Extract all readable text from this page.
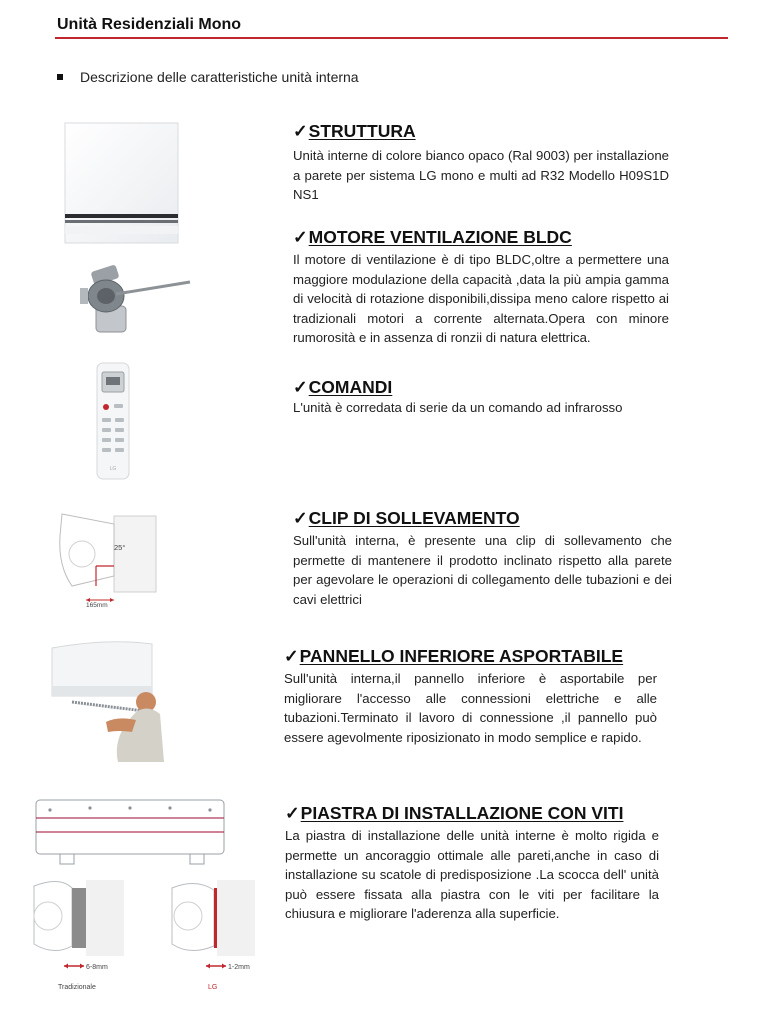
Unità Residenziali Mono
Descrizione delle caratteristiche unità interna
LG
25°
165mm
6-8mm
Tradizionale
1-2mm
LG
✓STRUTTURA
Unità interne di colore bianco opaco (Ral 9003) per installazione a parete per sistema LG mono e multi ad R32 Modello H09S1D NS1
✓MOTORE VENTILAZIONE BLDC
Il motore di ventilazione è di tipo BLDC,oltre a permettere una maggiore modulazione della capacità ,data la più ampia gamma di velocità di rotazione disponibili,dissipa meno calore rispetto ai tradizionali motori a corrente alternata.Opera con minore rumorosità e in assenza di ronzii di natura elettrica.
✓COMANDI
L'unità è corredata di serie da un comando ad infrarosso
✓CLIP DI SOLLEVAMENTO
Sull'unità interna, è presente una clip di sollevamento che permette di mantenere il prodotto inclinato rispetto alla parete per agevolare le operazioni di collegamento delle tubazioni e dei cavi elettrici
✓PANNELLO INFERIORE ASPORTABILE
Sull'unità interna,il pannello inferiore è asportabile per migliorare l'accesso alle connessioni elettriche e alle tubazioni.Terminato il lavoro di connessione ,il pannello può essere agevolmente riposizionato in modo semplice e rapido.
✓PIASTRA DI INSTALLAZIONE CON VITI
La piastra di installazione delle unità interne è molto rigida e permette un ancoraggio ottimale alle pareti,anche in caso di installazione su scatole di predisposizione .La scocca dell' unità può essere fissata alla piastra con le viti per facilitare la chiusura e migliorare l'aderenza alla superficie.
